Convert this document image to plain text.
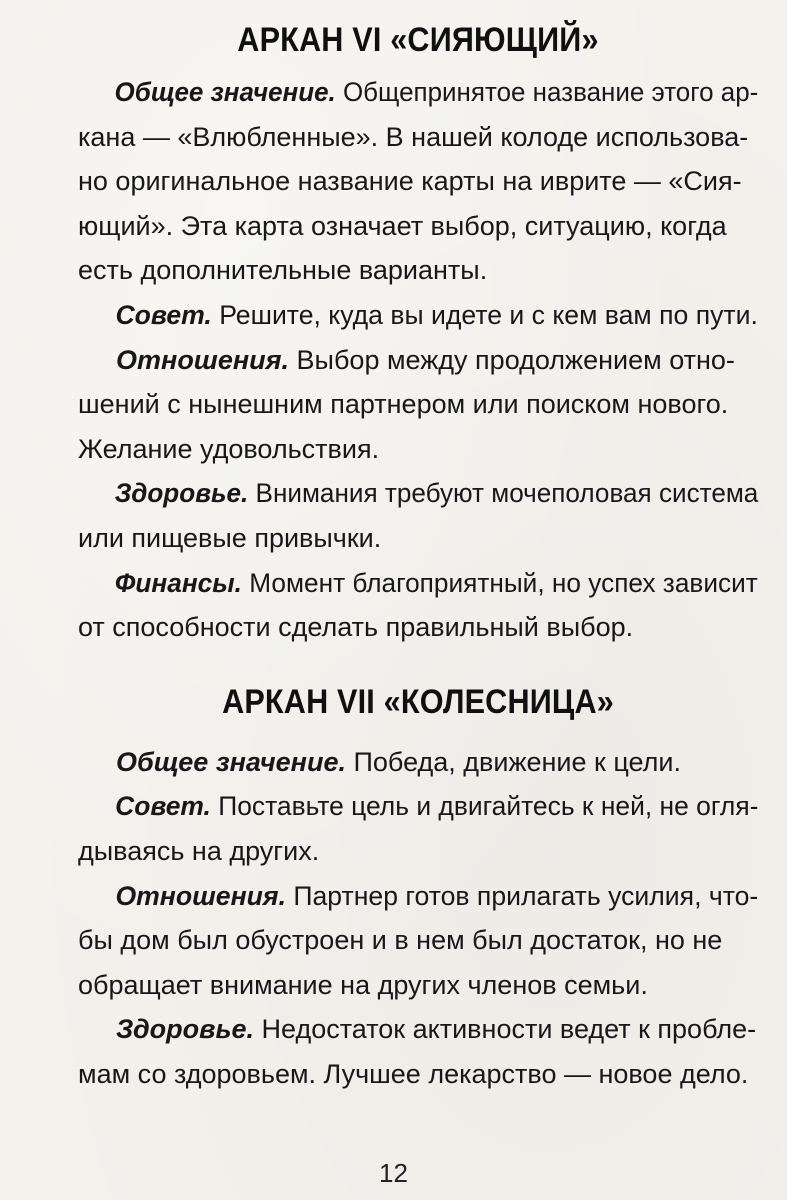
АРКАН VI «СИЯЮЩИЙ»

Общее значение. Общепринятое название этого ар-
кана — «Влюбленные». В нашей колоде использова-
но оригинальное название карты на иврите — «Сия-
ющий». Эта карта означает выбор, ситуацию, когда
есть дополнительные варианты.

Совет. Решите, куда вы идете и с кем вам по пути.

Отношения. Выбор между продолжением отно-
шений с нынешним партнером или поиском нового.
Желание удовольствия.

Здоровье. Внимания требуют мочеполовая система
или пищевые привычки.

Финансы. Момент благоприятный, но успех зависит
от способности сделать правильный выбор.

АРКАН VII «КОЛЕСНИЦА»

Общее значение. Победа, движение к цели.

Совет. Поставьте цель и двигайтесь к ней, не огля-
дываясь на других.

Отношения. Партнер готов прилагать усилия, что-
бы дом был обустроен и в нем был достаток, но не
обращает внимание на других членов семьи.

Здоровье. Недостаток активности ведет к пробле-
мам со здоровьем. Лучшее лекарство — новое дело.

12
